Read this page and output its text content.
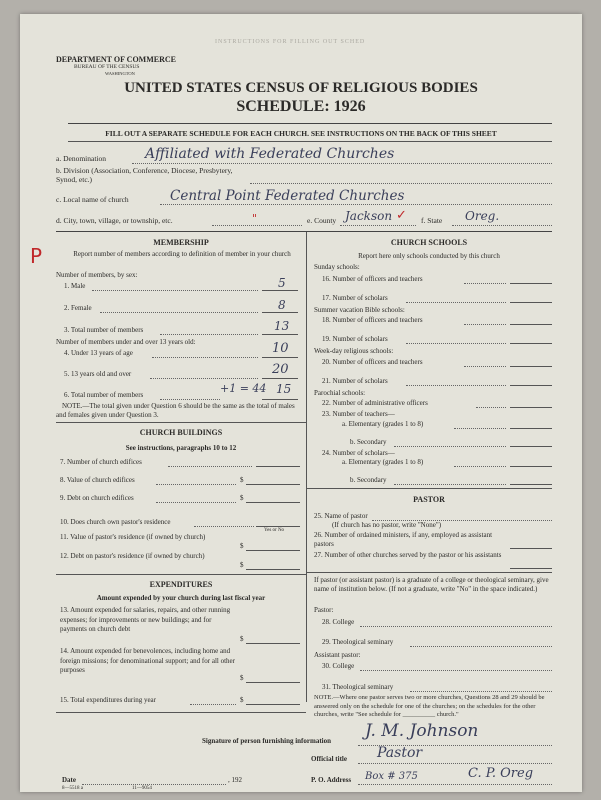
INSTRUCTIONS FOR FILLING OUT SCHED
DEPARTMENT OF COMMERCE
BUREAU OF THE CENSUS
WASHINGTON
UNITED STATES CENSUS OF RELIGIOUS BODIES
SCHEDULE: 1926
FILL OUT A SEPARATE SCHEDULE FOR EACH CHURCH. SEE INSTRUCTIONS ON THE BACK OF THIS SHEET
a. Denomination	Affiliated with Federated Churches
b. Division (Association, Conference, Diocese, Presbytery, Synod, etc.)
c. Local name of church	Central Point Federated Churches
d. City, town, village, or township, etc.	"	e. County Jackson ✓ f. State Oreg.
P
MEMBERSHIP
Report number of members according to definition of member in your church
Number of members, by sex:
1. Male	5
2. Female	8
3. Total number of members	13
Number of members under and over 13 years old:
4. Under 13 years of age	10
5. 13 years old and over	20
6. Total number of members	+1 = 44 15
NOTE.—The total given under Question 6 should be the same as the total of males and females given under Question 3.
CHURCH BUILDINGS
See instructions, paragraphs 10 to 12
7. Number of church edifices
8. Value of church edifices	$
9. Debt on church edifices	$
10. Does church own pastor's residence
Yes or No
11. Value of pastor's residence (if owned by church)
$
12. Debt on pastor's residence (if owned by church)
$
EXPENDITURES
Amount expended by your church during last fiscal year
13. Amount expended for salaries, repairs, and other running expenses; for improvements or new buildings; and for payments on church debt
$
14. Amount expended for benevolences, including home and foreign missions; for denominational support; and for all other purposes
$
15. Total expenditures during year	$
CHURCH SCHOOLS
Report here only schools conducted by this church
Sunday schools:
16. Number of officers and teachers
17. Number of scholars
Summer vacation Bible schools:
18. Number of officers and teachers
19. Number of scholars
Week-day religious schools:
20. Number of officers and teachers
21. Number of scholars
Parochial schools:
22. Number of administrative officers
23. Number of teachers—
a. Elementary (grades 1 to 8)
b. Secondary
24. Number of scholars—
a. Elementary (grades 1 to 8)
b. Secondary
PASTOR
25. Name of pastor
(If church has no pastor, write "None")
26. Number of ordained ministers, if any, employed as assistant pastors
27. Number of other churches served by the pastor or his assistants
If pastor (or assistant pastor) is a graduate of a college or theological seminary, give name of institution below. (If not a graduate, write "No" in the space indicated.)
Pastor:
28. College
29. Theological seminary
Assistant pastor:
30. College
31. Theological seminary
NOTE.—Where one pastor serves two or more churches, Questions 28 and 29 should be answered only on the schedule for one of the churches; on the schedules for the other churches, write "See schedule for __________ church."
Signature of person furnishing information J. M. Johnson
Official title Pastor
Date	, 192	P. O. Address Box # 375	C. P. Oreg
8—5518 a	11—9054
